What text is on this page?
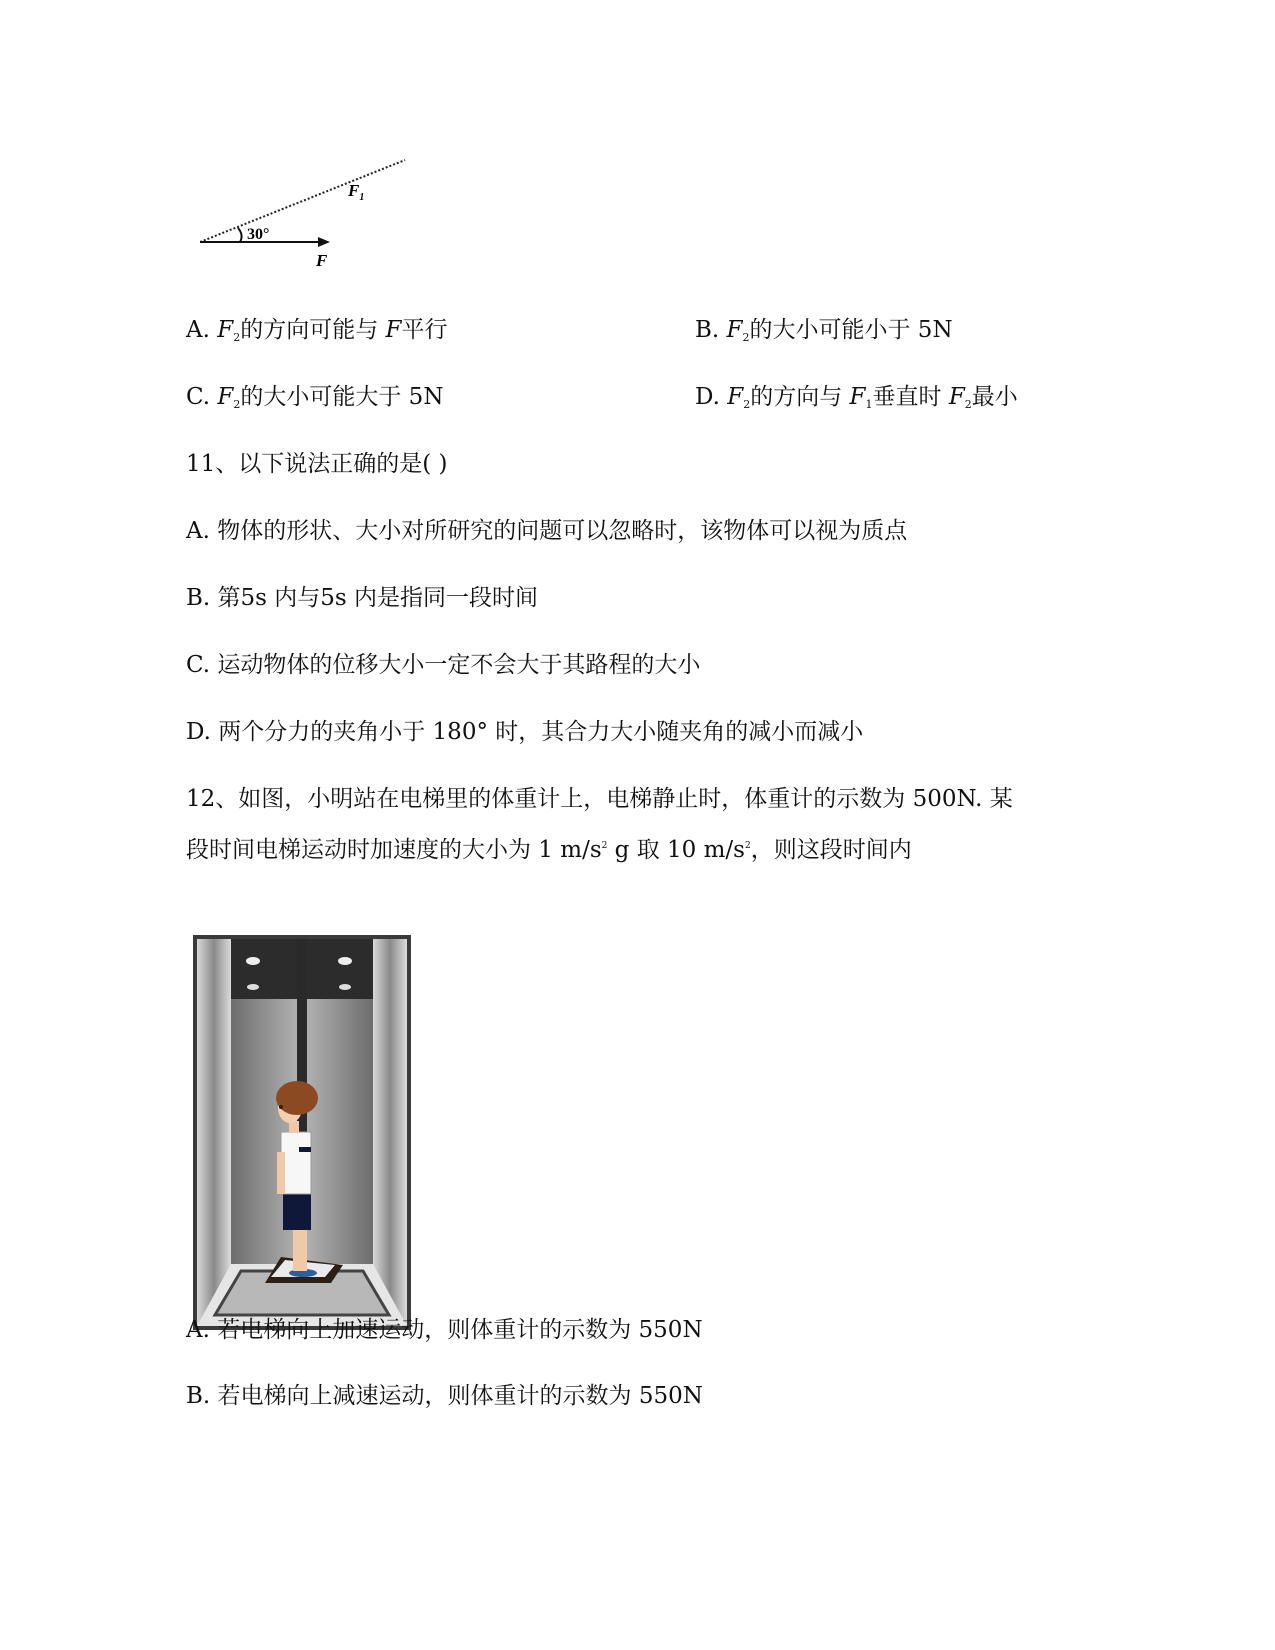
30°
$F_1$
F
A. $F_2$的方向可能与 F平行	B. $F_2$的大小可能小于 5N
C. $F_2$的大小可能大于 5N	D. $F_2$的方向与 $F_1$垂直时 $F_2$最小
11、以下说法正确的是( )
A. 物体的形状、大小对所研究的问题可以忽略时，该物体可以视为质点
B. 第5s 内与5s 内是指同一段时间
C. 运动物体的位移大小一定不会大于其路程的大小
D. 两个分力的夹角小于 180° 时，其合力大小随夹角的减小而减小
12、如图，小明站在电梯里的体重计上，电梯静止时，体重计的示数为 500N. 某
段时间电梯运动时加速度的大小为 1 $m/s^2$ g 取 10 $m/s^2$，则这段时间内
A. 若电梯向上加速运动，则体重计的示数为 550N
B. 若电梯向上减速运动，则体重计的示数为 550N
